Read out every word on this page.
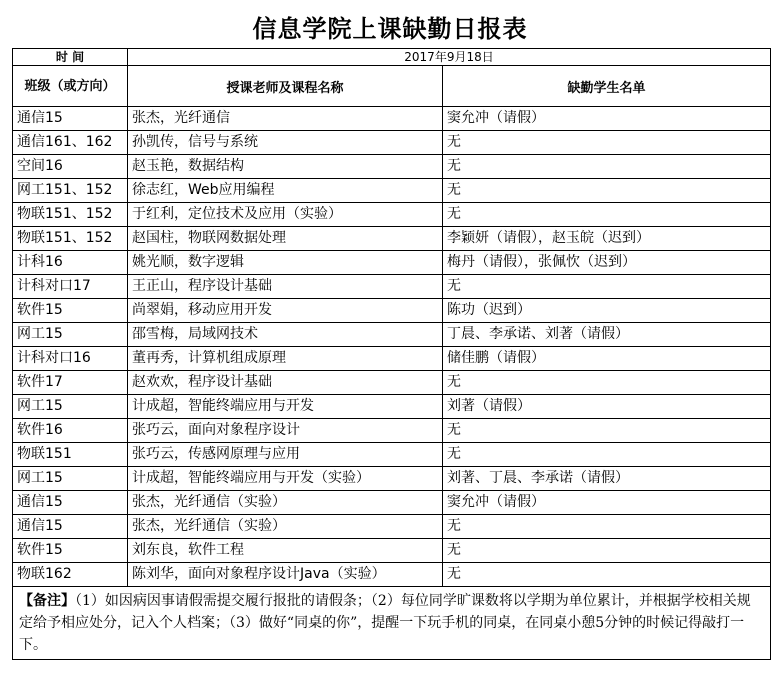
信息学院上课缺勤日报表
时 间	2017年9月18日	
班级（或方向）	授课老师及课程名称	缺勤学生名单
通信15	张杰，光纤通信	窦允冲（请假）
通信161、162	孙凯传，信号与系统	无
空间16	赵玉艳，数据结构	无
网工151、152	徐志红，Web应用编程	无
物联151、152	于红利，定位技术及应用（实验）	无
物联151、152	赵国柱，物联网数据处理	李颖妍（请假），赵玉皖（迟到）
计科16	姚光顺，数字逻辑	梅丹（请假），张佩忺（迟到）
计科对口17	王正山，程序设计基础	无
软件15	尚翠娟，移动应用开发	陈功（迟到）
网工15	邵雪梅，局域网技术	丁晨、李承诺、刘著（请假）
计科对口16	董再秀，计算机组成原理	储佳鹏（请假）
软件17	赵欢欢，程序设计基础	无
网工15	计成超，智能终端应用与开发	刘著（请假）
软件16	张巧云，面向对象程序设计	无
物联151	张巧云，传感网原理与应用	无
网工15	计成超，智能终端应用与开发（实验）	刘著、丁晨、李承诺（请假）
通信15	张杰，光纤通信（实验）	窦允冲（请假）
通信15	张杰，光纤通信（实验）	无
软件15	刘东良，软件工程	无
物联162	陈刘华，面向对象程序设计Java（实验）	无
【备注】（1）如因病因事请假需提交履行报批的请假条；（2）每位同学旷课数将以学期为单位累计，并根据学校相关规定给予相应处分，记入个人档案；（3）做好“同桌的你”，提醒一下玩手机的同桌，在同桌小憩5分钟的时候记得敲打一下。		
